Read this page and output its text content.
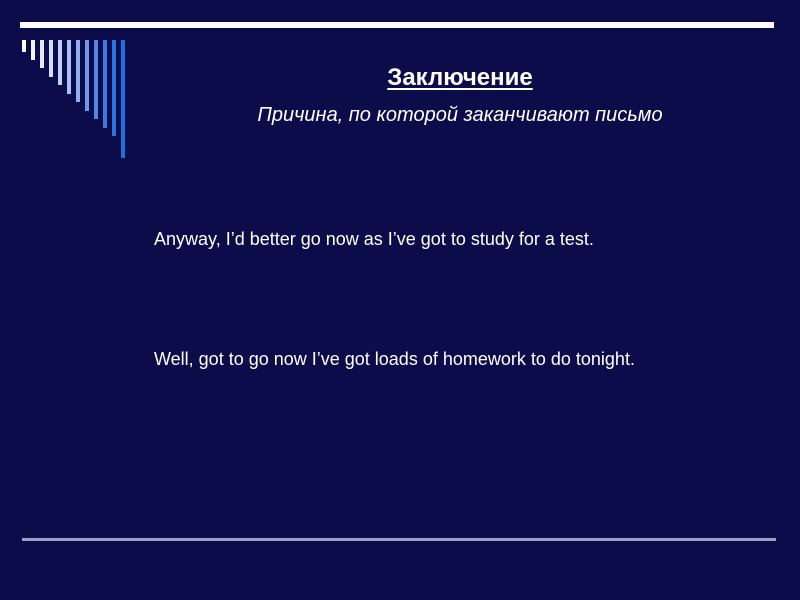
Заключение
Причина, по которой заканчивают письмо
Anyway, I’d better go now as I’ve got to study for a test.
Well, got to go now I’ve got loads of homework to do tonight.
